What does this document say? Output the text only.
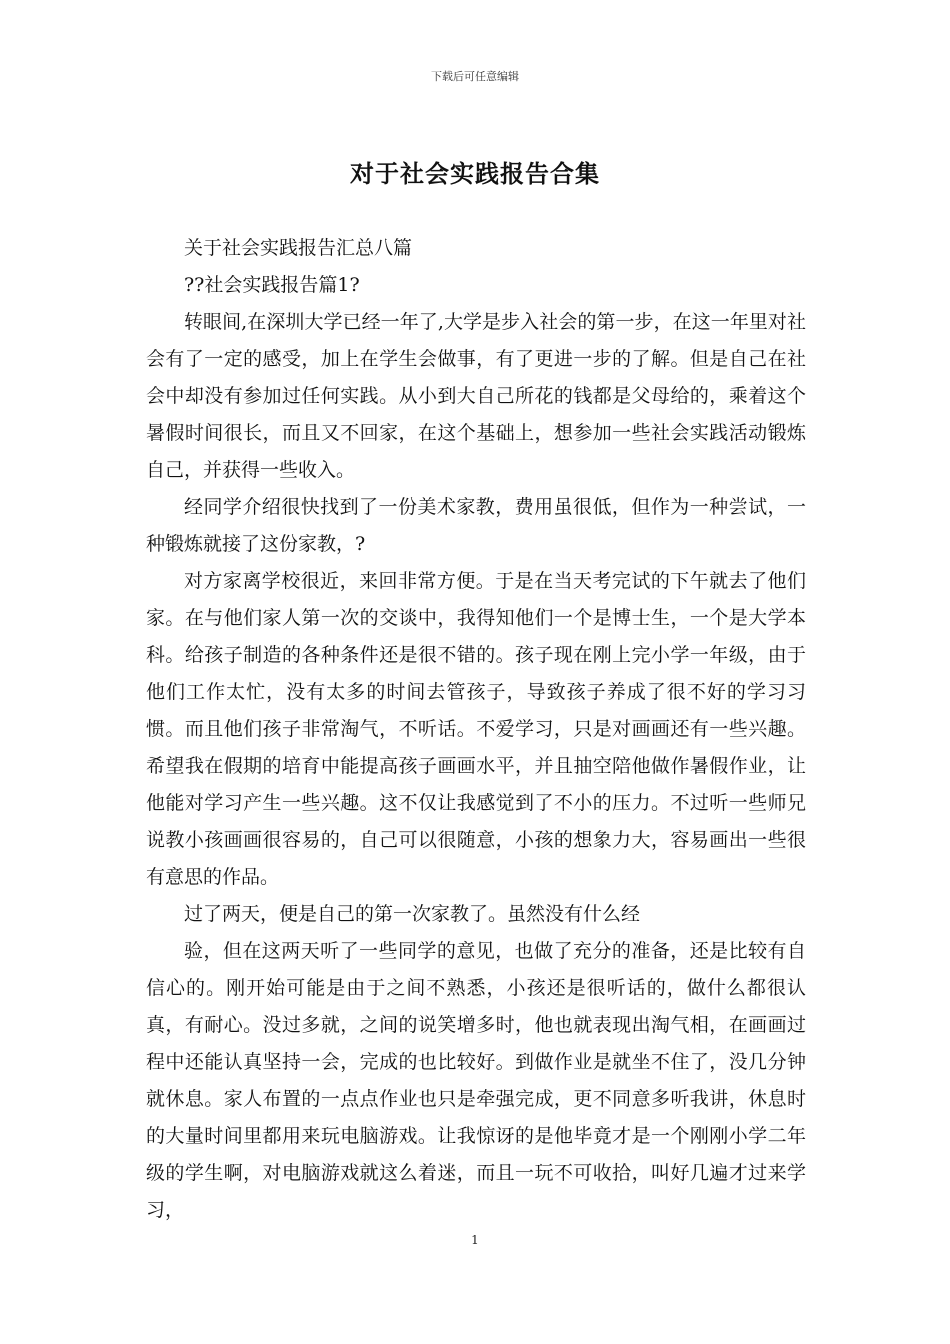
下载后可任意编辑
对于社会实践报告合集

关于社会实践报告汇总八篇

??社会实践报告篇1?

转眼间,在深圳大学已经一年了,大学是步入社会的第一步，在这一年里对社会有了一定的感受，加上在学生会做事，有了更进一步的了解。但是自己在社会中却没有参加过任何实践。从小到大自己所花的钱都是父母给的，乘着这个暑假时间很长，而且又不回家，在这个基础上，想参加一些社会实践活动锻炼自己，并获得一些收入。

经同学介绍很快找到了一份美术家教，费用虽很低，但作为一种尝试，一种锻炼就接了这份家教，?

对方家离学校很近，来回非常方便。于是在当天考完试的下午就去了他们家。在与他们家人第一次的交谈中，我得知他们一个是博士生，一个是大学本科。给孩子制造的各种条件还是很不错的。孩子现在刚上完小学一年级，由于他们工作太忙，没有太多的时间去管孩子，导致孩子养成了很不好的学习习惯。而且他们孩子非常淘气，不听话。不爱学习，只是对画画还有一些兴趣。希望我在假期的培育中能提高孩子画画水平，并且抽空陪他做作暑假作业，让他能对学习产生一些兴趣。这不仅让我感觉到了不小的压力。不过听一些师兄说教小孩画画很容易的，自己可以很随意，小孩的想象力大，容易画出一些很有意思的作品。

过了两天，便是自己的第一次家教了。虽然没有什么经

验，但在这两天听了一些同学的意见，也做了充分的准备，还是比较有自信心的。刚开始可能是由于之间不熟悉，小孩还是很听话的，做什么都很认真，有耐心。没过多就，之间的说笑增多时，他也就表现出淘气相，在画画过程中还能认真坚持一会，完成的也比较好。到做作业是就坐不住了，没几分钟就休息。家人布置的一点点作业也只是牵强完成，更不同意多听我讲，休息时的大量时间里都用来玩电脑游戏。让我惊讶的是他毕竟才是一个刚刚小学二年级的学生啊，对电脑游戏就这么着迷，而且一玩不可收拾，叫好几遍才过来学习，

1
